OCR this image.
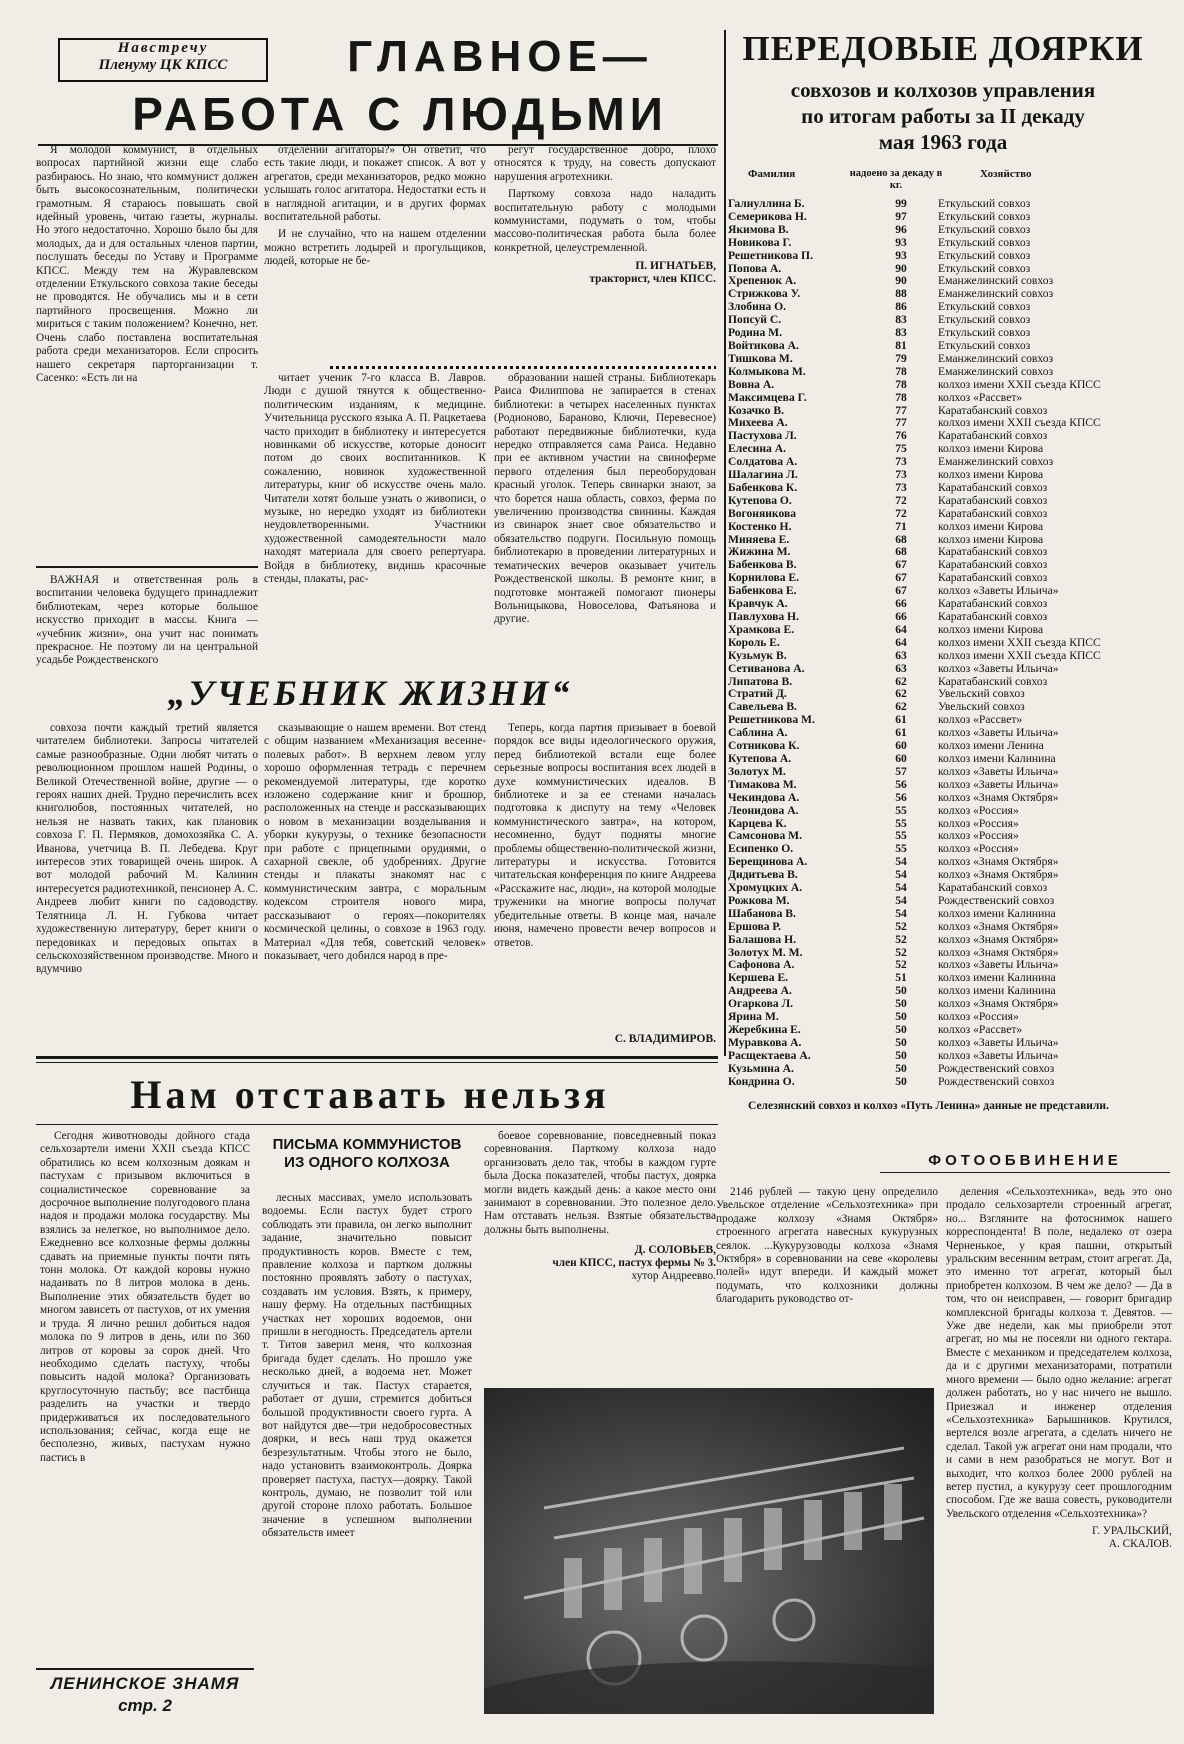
Навстречу
Пленуму ЦК КПСС	ГЛАВНОЕ—
РАБОТА С ЛЮДЬМИ

Я молодой коммунист, в отдельных вопросах партийной жизни еще слабо разбираюсь. Но знаю, что коммунист должен быть высокосознательным, политически грамотным. Я стараюсь повышать свой идейный уровень, читаю газеты, журналы. Но этого недостаточно. Хорошо было бы для молодых, да и для остальных членов партии, послушать беседы по Уставу и Программе КПСС. Между тем на Журавлевском отделении Еткульского совхоза такие беседы не проводятся. Не обучались мы и в сети партийного просвещения. Можно ли мириться с таким положением? Конечно, нет. Очень слабо поставлена воспитательная работа среди механизаторов. Если спросить нашего секретаря парторганизации т. Сасенко: «Есть ли на

отделении агитаторы?» Он ответит, что есть такие люди, и покажет список. А вот у агрегатов, среди механизаторов, редко можно услышать голос агитатора. Недостатки есть и в наглядной агитации, и в других формах воспитательной работы.

И не случайно, что на нашем отделении можно встретить лодырей и прогульщиков, людей, которые не бе-

регут государственное добро, плохо относятся к труду, на совесть допускают нарушения агротехники.

Парткому совхоза надо наладить воспитательную работу с молодыми коммунистами, подумать о том, чтобы массово-политическая работа была более конкретной, целеустремленной.

П. ИГНАТЬЕВ,
тракторист, член КПСС.

ВАЖНАЯ и ответственная роль в воспитании человека будущего принадлежит библиотекам, через которые большое искусство приходит в массы. Книга — «учебник жизни», она учит нас понимать прекрасное. Не поэтому ли на центральной усадьбе Рождественского

читает ученик 7-го класса В. Лавров. Люди с душой тянутся к общественно-политическим изданиям, к медицине. Учительница русского языка А. П. Рацкетаева часто приходит в библиотеку и интересуется новинками об искусстве, которые доносит потом до своих воспитанников. К сожалению, новинок художественной литературы, книг об искусстве очень мало. Читатели хотят больше узнать о живописи, о музыке, но нередко уходят из библиотеки неудовлетворенными. Участники художественной самодеятельности мало находят материала для своего репертуара. Войдя в библиотеку, видишь красочные стенды, плакаты, рас-

образовании нашей страны. Библиотекарь Раиса Филиппова не запирается в стенах библиотеки: в четырех населенных пунктах (Родионово, Бараново, Ключи, Перевесное) работают передвижные библиотечки, куда нередко отправляется сама Раиса. Недавно при ее активном участии на свиноферме первого отделения был переоборудован красный уголок. Теперь свинарки знают, за что борется наша область, совхоз, ферма по увеличению производства свинины. Каждая из свинарок знает свое обязательство и обязательство подруги. Посильную помощь библиотекарю в проведении литературных и тематических вечеров оказывает учитель Рождественской школы. В ремонте книг, в подготовке монтажей помогают пионеры Вольницыкова, Новоселова, Фатьянова и другие.

„УЧЕБНИК ЖИЗНИ“

совхоза почти каждый третий является читателем библиотеки. Запросы читателей самые разнообразные. Одни любят читать о революционном прошлом нашей Родины, о Великой Отечественной войне, другие — о героях наших дней. Трудно перечислить всех книголюбов, постоянных читателей, но нельзя не назвать таких, как плановик совхоза Г. П. Пермяков, домохозяйка С. А. Иванова, учетчица В. П. Лебедева. Круг интересов этих товарищей очень широк. А вот молодой рабочий М. Калинин интересуется радиотехникой, пенсионер А. С. Андреев любит книги по садоводству. Телятница Л. Н. Губкова читает художественную литературу, берет книги о передовиках и передовых опытах в сельскохозяйственном производстве. Много и вдумчиво

сказывающие о нашем времени. Вот стенд с общим названием «Механизация весенне-полевых работ». В верхнем левом углу хорошо оформленная тетрадь с перечнем рекомендуемой литературы, где коротко изложено содержание книг и брошюр, расположенных на стенде и рассказывающих о новом в механизации возделывания и уборки кукурузы, о технике безопасности при работе с прицепными орудиями, о сахарной свекле, об удобрениях. Другие стенды и плакаты знакомят нас с коммунистическим завтра, с моральным кодексом строителя нового мира, рассказывают о героях—покорителях космической целины, о совхозе в 1963 году. Материал «Для тебя, советский человек» показывает, чего добился народ в пре-

Теперь, когда партия призывает в боевой порядок все виды идеологического оружия, перед библиотекой встали еще более серьезные вопросы воспитания всех людей в духе коммунистических идеалов. В библиотеке и за ее стенами началась подготовка к диспуту на тему «Человек коммунистического завтра», на котором, несомненно, будут подняты многие проблемы общественно-политической жизни, литературы и искусства. Готовится читательская конференция по книге Андреева «Расскажите нас, люди», на которой молодые труженики на многие вопросы получат убедительные ответы. В конце мая, начале июня, намечено провести вечер вопросов и ответов.

С. ВЛАДИМИРОВ.
Нам отставать нельзя

Сегодня животноводы дойного стада сельхозартели имени XXII съезда КПСС обратились ко всем колхозным доякам и пастухам с призывом включиться в социалистическое соревнование за досрочное выполнение полугодового плана надоя и продажи молока государству. Мы взялись за нелегкое, но выполнимое дело. Ежедневно все колхозные фермы должны сдавать на приемные пункты почти пять тонн молока. От каждой коровы нужно надаивать по 8 литров молока в день. Выполнение этих обязательств будет во многом зависеть от пастухов, от их умения и труда. Я лично решил добиться надоя молока по 9 литров в день, или по 360 литров от коровы за сорок дней. Что необходимо сделать пастуху, чтобы повысить надой молока? Организовать круглосуточную пастьбу; все пастбища разделить на участки и твердо придерживаться их последовательного использования; сейчас, когда еще не бесполезно, живых, пастухам нужно пастись в

ПИСЬМА КОММУНИСТОВ ИЗ ОДНОГО КОЛХОЗА

лесных массивах, умело использовать водоемы. Если пастух будет строго соблюдать эти правила, он легко выполнит задание, значительно повысит продуктивность коров. Вместе с тем, правление колхоза и партком должны постоянно проявлять заботу о пастухах, создавать им условия. Взять, к примеру, нашу ферму. На отдельных пастбищных участках нет хороших водоемов, они пришли в негодность. Председатель артели т. Титов заверил меня, что колхозная бригада будет сделать. Но прошло уже несколько дней, а водоема нет. Может случиться и так. Пастух старается, работает от души, стремится добиться большой продуктивности своего гурта. А вот найдутся две—три недобросовестных доярки, и весь наш труд окажется безрезультатным. Чтобы этого не было, надо установить взаимоконтроль. Доярка проверяет пастуха, пастух—доярку. Такой контроль, думаю, не позволит той или другой стороне плохо работать. Большое значение в успешном выполнении обязательств имеет

боевое соревнование, повседневный показ соревнования. Парткому колхоза надо организовать дело так, чтобы в каждом гурте была Доска показателей, чтобы пастух, доярка могли видеть каждый день: а какое место они занимают в соревновании. Это полезное дело. Нам отставать нельзя. Взятые обязательства должны быть выполнены.

Д. СОЛОВЬЕВ,
член КПСС, пастух фермы № 3.
хутор Андреевво.
ЛЕНИНСКОЕ ЗНАМЯ
стр. 2
ПЕРЕДОВЫЕ ДОЯРКИ
совхозов и колхозов управления
по итогам работы за II декаду
мая 1963 года
Фамилия	надоено за декаду в кг.
Хозяйство
Галнуллина Б.	99	Еткульский совхоз
Семерикова Н.	97	Еткульский совхоз
Якимова В.	96	Еткульский совхоз
Новикова Г.	93	Еткульский совхоз
Решетникова П.	93	Еткульский совхоз
Попова А.	90	Еткульский совхоз
Хрепенюк А.	90	Еманжелинский совхоз
Стрижкова У.	88	Еманжелинский совхоз
Злобина О.	86	Еткульский совхоз
Попсуй С.	83	Еткульский совхоз
Родина М.	83	Еткульский совхоз
Войтикова А.	81	Еткульский совхоз
Тишкова М.	79	Еманжелинский совхоз
Колмыкова М.	78	Еманжелинский совхоз
Вовна А.	78	колхоз имени XXII съезда КПСС
Максимцева Г.	78	колхоз «Рассвет»
Козачко В.	77	Каратабанский совхоз
Михеева А.	77	колхоз имени XXII съезда КПСС
Пастухова Л.	76	Каратабанский совхоз
Елесина А.	75	колхоз имени Кирова
Солдатова А.	73	Еманжелинский совхоз
Шалагина Л.	73	колхоз имени Кирова
Бабенкова К.	73	Каратабанский совхоз
Кутепова О.	72	Каратабанский совхоз
Вогоняикова	72	Каратабанский совхоз
Костенко Н.	71	колхоз имени Кирова
Миняева Е.	68	колхоз имени Кирова
Жижина М.	68	Каратабанский совхоз
Бабенкова В.	67	Каратабанский совхоз
Корнилова Е.	67	Каратабанский совхоз
Бабенкова Е.	67	колхоз «Заветы Ильича»
Кравчук А.	66	Каратабанский совхоз
Павлухова Н.	66	Каратабанский совхоз
Храмкова Е.	64	колхоз имени Кирова
Король Е.	64	колхоз имени XXII съезда КПСС
Кузьмук В.	63	колхоз имени XXII съезда КПСС
Сетиванова А.	63	колхоз «Заветы Ильича»
Липатова В.	62	Каратабанский совхоз
Стратий Д.	62	Увельский совхоз
Савельева В.	62	Увельский совхоз
Решетникова М.	61	колхоз «Рассвет»
Саблина А.	61	колхоз «Заветы Ильича»
Сотникова К.	60	колхоз имени Ленина
Кутепова А.	60	колхоз имени Калинина
Золотух М.	57	колхоз «Заветы Ильича»
Тимакова М.	56	колхоз «Заветы Ильича»
Чекиндова А.	56	колхоз «Знамя Октября»
Леонидова А.	55	колхоз «Россия»
Карцева К.	55	колхоз «Россия»
Самсонова М.	55	колхоз «Россия»
Есипенко О.	55	колхоз «Россия»
Берещинова А.	54	колхоз «Знамя Октября»
Дидитьева В.	54	колхоз «Знамя Октября»
Хромуцких А.	54	Каратабанский совхоз
Рожкова М.	54	Рождественский совхоз
Шабанова В.	54	колхоз имени Калинина
Ершова Р.	52	колхоз «Знамя Октября»
Балашова Н.	52	колхоз «Знамя Октября»
Золотух М. М.	52	колхоз «Знамя Октября»
Сафонова А.	52	колхоз «Заветы Ильича»
Кершева Е.	51	колхоз имени Калинина
Андреева А.	50	колхоз имени Калинина
Огаркова Л.	50	колхоз «Знамя Октября»
Ярина М.	50	колхоз «Россия»
Жеребкина Е.	50	колхоз «Рассвет»
Муравкова А.	50	колхоз «Заветы Ильича»
Расщектаева А.	50	колхоз «Заветы Ильича»
Кузьмина А.	50	Рождественский совхоз
Кондрина О.	50	Рождественский совхоз
Селезянский совхоз и колхоз «Путь Ленина» данные не представили.
ФОТООБВИНЕНИЕ

2146 рублей — такую цену определило Увельское отделение «Сельхозтехника» при продаже колхозу «Знамя Октября» строенного агрегата навесных кукурузных сеялок. ...Кукурузоводы колхоза «Знамя Октября» в соревновании на севе «королевы полей» идут впереди. И каждый может подумать, что колхозники должны благодарить руководство от-

деления «Сельхозтехника», ведь это оно продало сельхозартели строенный агрегат, но... Взгляните на фотоснимок нашего корреспондента! В поле, недалеко от озера Черненькое, у края пашни, открытый уральским весенним ветрам, стоит агрегат. Да, это именно тот агрегат, который был приобретен колхозом. В чем же дело? — Да в том, что он неисправен, — говорит бригадир комплексной бригады колхоза т. Девятов. — Уже две недели, как мы приобрели этот агрегат, но мы не посеяли ни одного гектара. Вместе с механиком и председателем колхоза, да и с другими механизаторами, потратили много времени — было одно желание: агрегат должен работать, но у нас ничего не вышло. Приезжал и инженер отделения «Сельхозтехника» Барышников. Крутился, вертелся возле агрегата, а сделать ничего не сделал. Такой уж агрегат они нам продали, что и сами в нем разобраться не могут. Вот и выходит, что колхоз более 2000 рублей на ветер пустил, а кукурузу сеет прошлогодним способом. Где же ваша совесть, руководители Увельского отделения «Сельхозтехника»?

Г. УРАЛЬСКИЙ,
А. СКАЛОВ.
